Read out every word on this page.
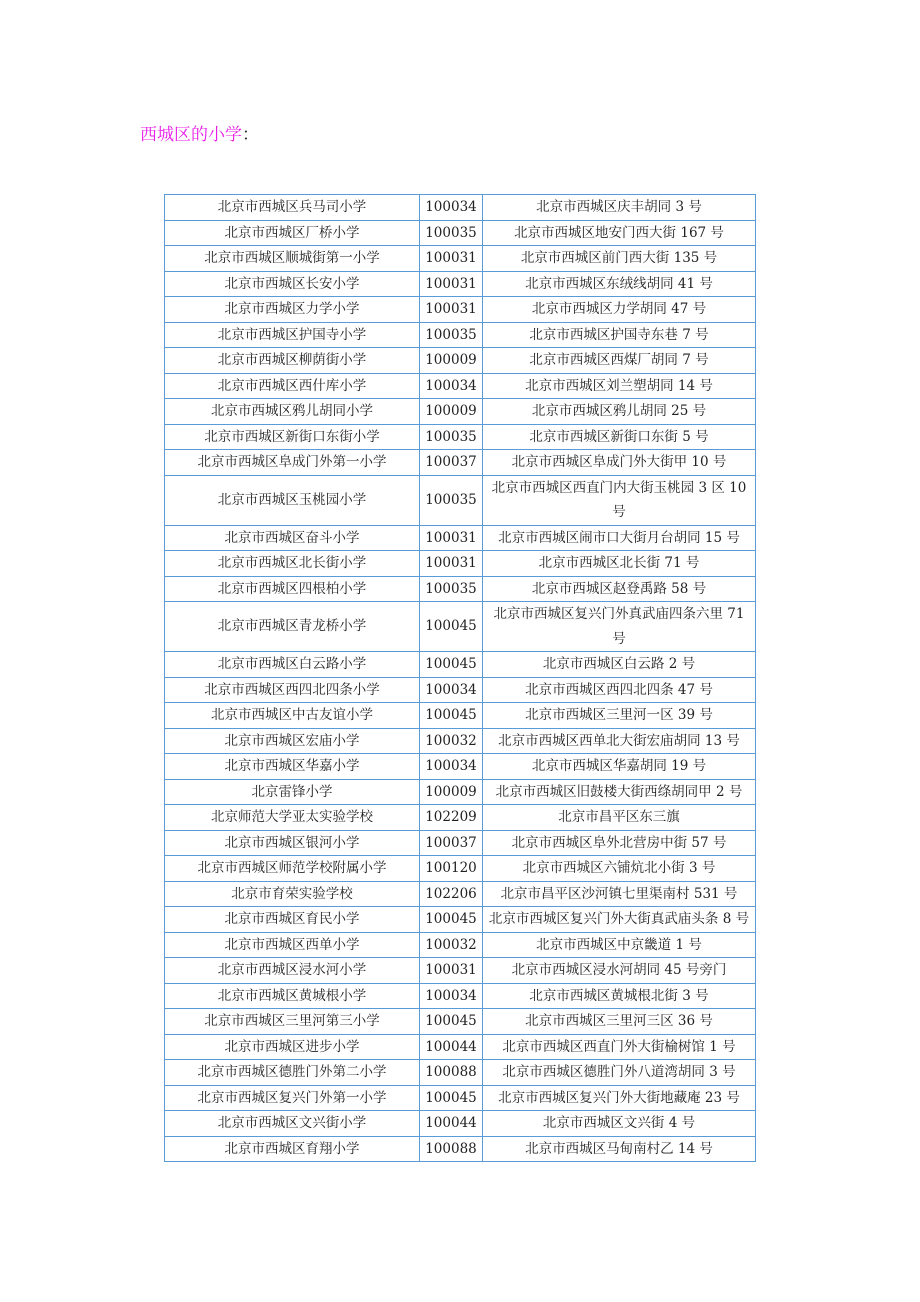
西城区的小学：
北京市西城区兵马司小学	100034	北京市西城区庆丰胡同 3 号
北京市西城区厂桥小学	100035	北京市西城区地安门西大街 167 号
北京市西城区顺城街第一小学	100031	北京市西城区前门西大街 135 号
北京市西城区长安小学	100031	北京市西城区东绒线胡同 41 号
北京市西城区力学小学	100031	北京市西城区力学胡同 47 号
北京市西城区护国寺小学	100035	北京市西城区护国寺东巷 7 号
北京市西城区柳荫街小学	100009	北京市西城区西煤厂胡同 7 号
北京市西城区西什库小学	100034	北京市西城区刘兰塑胡同 14 号
北京市西城区鸦儿胡同小学	100009	北京市西城区鸦儿胡同 25 号
北京市西城区新街口东街小学	100035	北京市西城区新街口东街 5 号
北京市西城区阜成门外第一小学	100037	北京市西城区阜成门外大街甲 10 号
北京市西城区玉桃园小学	100035	北京市西城区西直门内大街玉桃园 3 区 10 号
北京市西城区奋斗小学	100031	北京市西城区闹市口大街月台胡同 15 号
北京市西城区北长街小学	100031	北京市西城区北长街 71 号
北京市西城区四根柏小学	100035	北京市西城区赵登禹路 58 号
北京市西城区青龙桥小学	100045	北京市西城区复兴门外真武庙四条六里 71 号
北京市西城区白云路小学	100045	北京市西城区白云路 2 号
北京市西城区西四北四条小学	100034	北京市西城区西四北四条 47 号
北京市西城区中古友谊小学	100045	北京市西城区三里河一区 39 号
北京市西城区宏庙小学	100032	北京市西城区西单北大街宏庙胡同 13 号
北京市西城区华嘉小学	100034	北京市西城区华嘉胡同 19 号
北京雷锋小学	100009	北京市西城区旧鼓楼大街西绦胡同甲 2 号
北京师范大学亚太实验学校	102209	北京市昌平区东三旗
北京市西城区银河小学	100037	北京市西城区阜外北营房中街 57 号
北京市西城区师范学校附属小学	100120	北京市西城区六铺炕北小街 3 号
北京市育荣实验学校	102206	北京市昌平区沙河镇七里渠南村 531 号
北京市西城区育民小学	100045	北京市西城区复兴门外大街真武庙头条 8 号
北京市西城区西单小学	100032	北京市西城区中京畿道 1 号
北京市西城区浸水河小学	100031	北京市西城区浸水河胡同 45 号旁门
北京市西城区黄城根小学	100034	北京市西城区黄城根北街 3 号
北京市西城区三里河第三小学	100045	北京市西城区三里河三区 36 号
北京市西城区进步小学	100044	北京市西城区西直门外大街榆树馆 1 号
北京市西城区德胜门外第二小学	100088	北京市西城区德胜门外八道湾胡同 3 号
北京市西城区复兴门外第一小学	100045	北京市西城区复兴门外大街地藏庵 23 号
北京市西城区文兴街小学	100044	北京市西城区文兴街 4 号
北京市西城区育翔小学	100088	北京市西城区马甸南村乙 14 号
